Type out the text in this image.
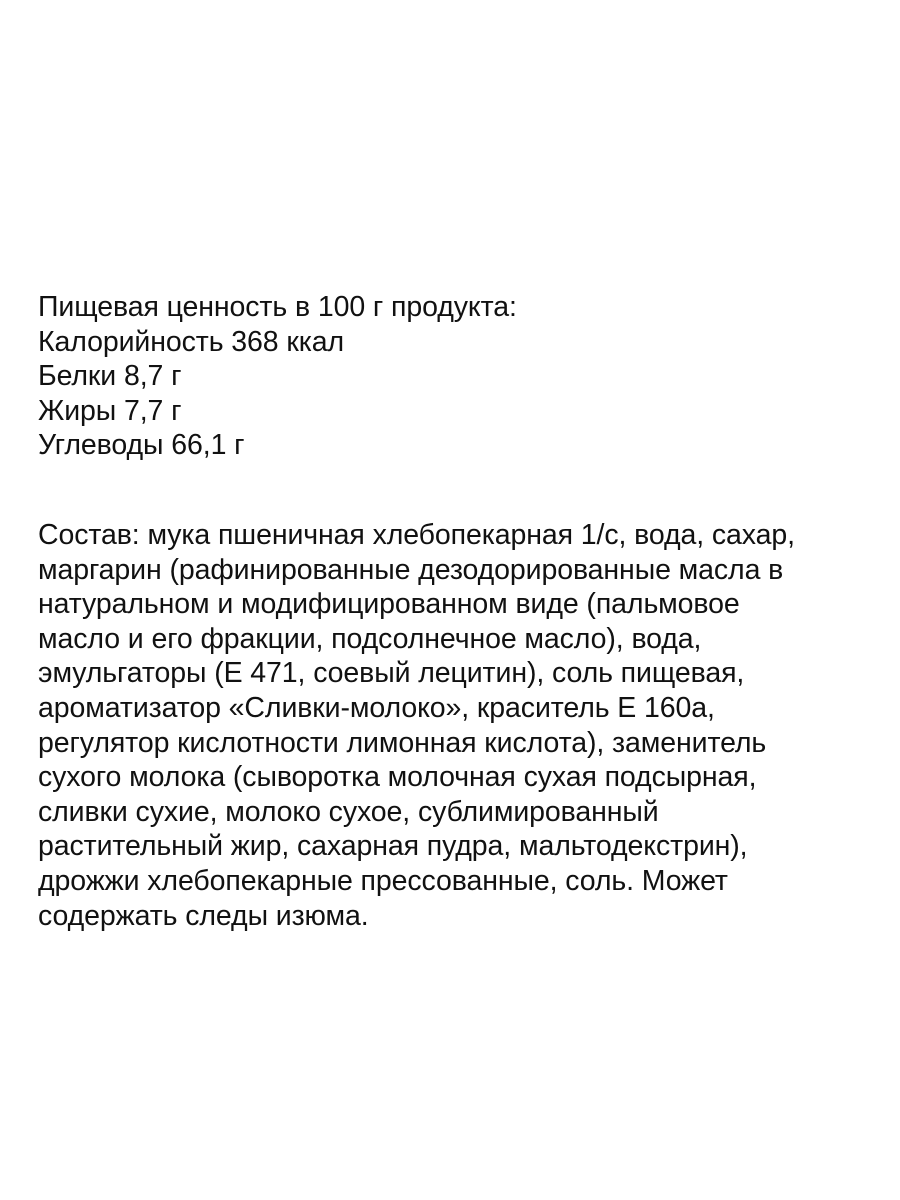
Пищевая ценность в 100 г продукта:
Калорийность 368 ккал
Белки 8,7 г
Жиры 7,7 г
Углеводы 66,1 г
Состав: мука пшеничная хлебопекарная 1/с, вода, сахар,
маргарин (рафинированные дезодорированные масла в
натуральном и модифицированном виде (пальмовое
масло и его фракции, подсолнечное масло), вода,
эмульгаторы (Е 471, соевый лецитин), соль пищевая,
ароматизатор «Сливки-молоко», краситель Е 160а,
регулятор кислотности лимонная кислота), заменитель
сухого молока (сыворотка молочная сухая подсырная,
сливки сухие, молоко сухое, сублимированный
растительный жир, сахарная пудра, мальтодекстрин),
дрожжи хлебопекарные прессованные, соль. Может
содержать следы изюма.
